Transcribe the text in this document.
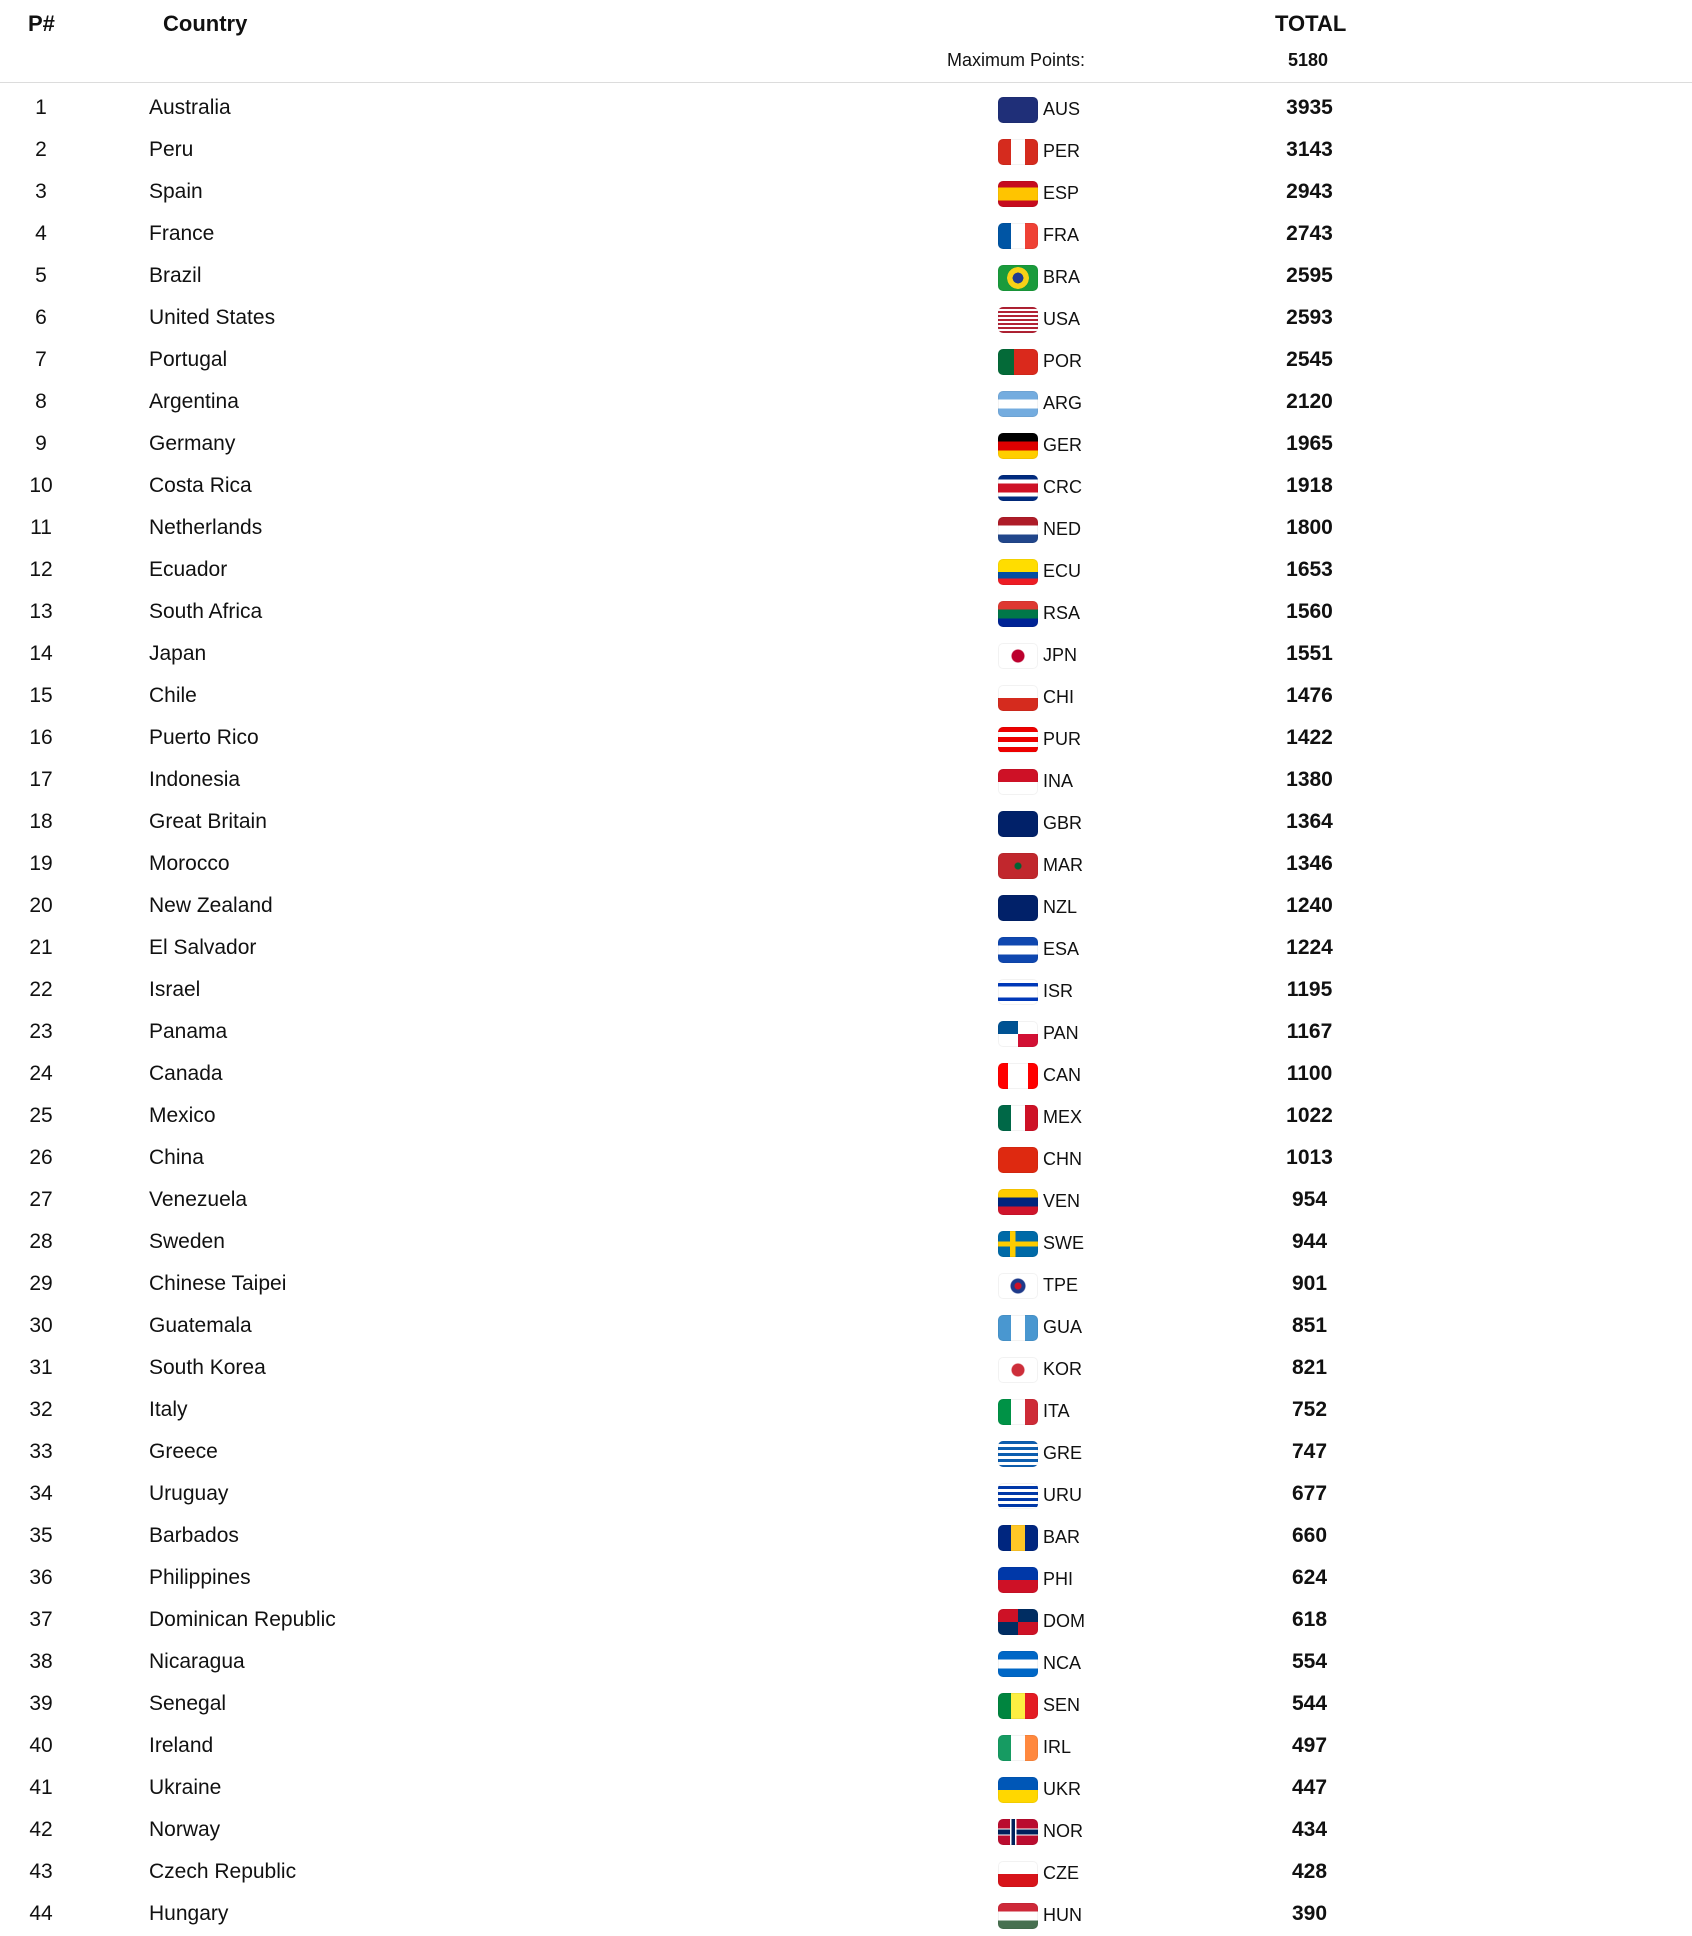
P#	Country	TOTAL
Maximum Points:	5180
1	Australia	AUS	3935
2	Peru	PER	3143
3	Spain	ESP	2943
4	France	FRA	2743
5	Brazil	BRA	2595
6	United States	USA	2593
7	Portugal	POR	2545
8	Argentina	ARG	2120
9	Germany	GER	1965
10	Costa Rica	CRC	1918
11	Netherlands	NED	1800
12	Ecuador	ECU	1653
13	South Africa	RSA	1560
14	Japan	JPN	1551
15	Chile	CHI	1476
16	Puerto Rico	PUR	1422
17	Indonesia	INA	1380
18	Great Britain	GBR	1364
19	Morocco	MAR	1346
20	New Zealand	NZL	1240
21	El Salvador	ESA	1224
22	Israel	ISR	1195
23	Panama	PAN	1167
24	Canada	CAN	1100
25	Mexico	MEX	1022
26	China	CHN	1013
27	Venezuela	VEN	954
28	Sweden	SWE	944
29	Chinese Taipei	TPE	901
30	Guatemala	GUA	851
31	South Korea	KOR	821
32	Italy	ITA	752
33	Greece	GRE	747
34	Uruguay	URU	677
35	Barbados	BAR	660
36	Philippines	PHI	624
37	Dominican Republic	DOM	618
38	Nicaragua	NCA	554
39	Senegal	SEN	544
40	Ireland	IRL	497
41	Ukraine	UKR	447
42	Norway	NOR	434
43	Czech Republic	CZE	428
44	Hungary	HUN	390
